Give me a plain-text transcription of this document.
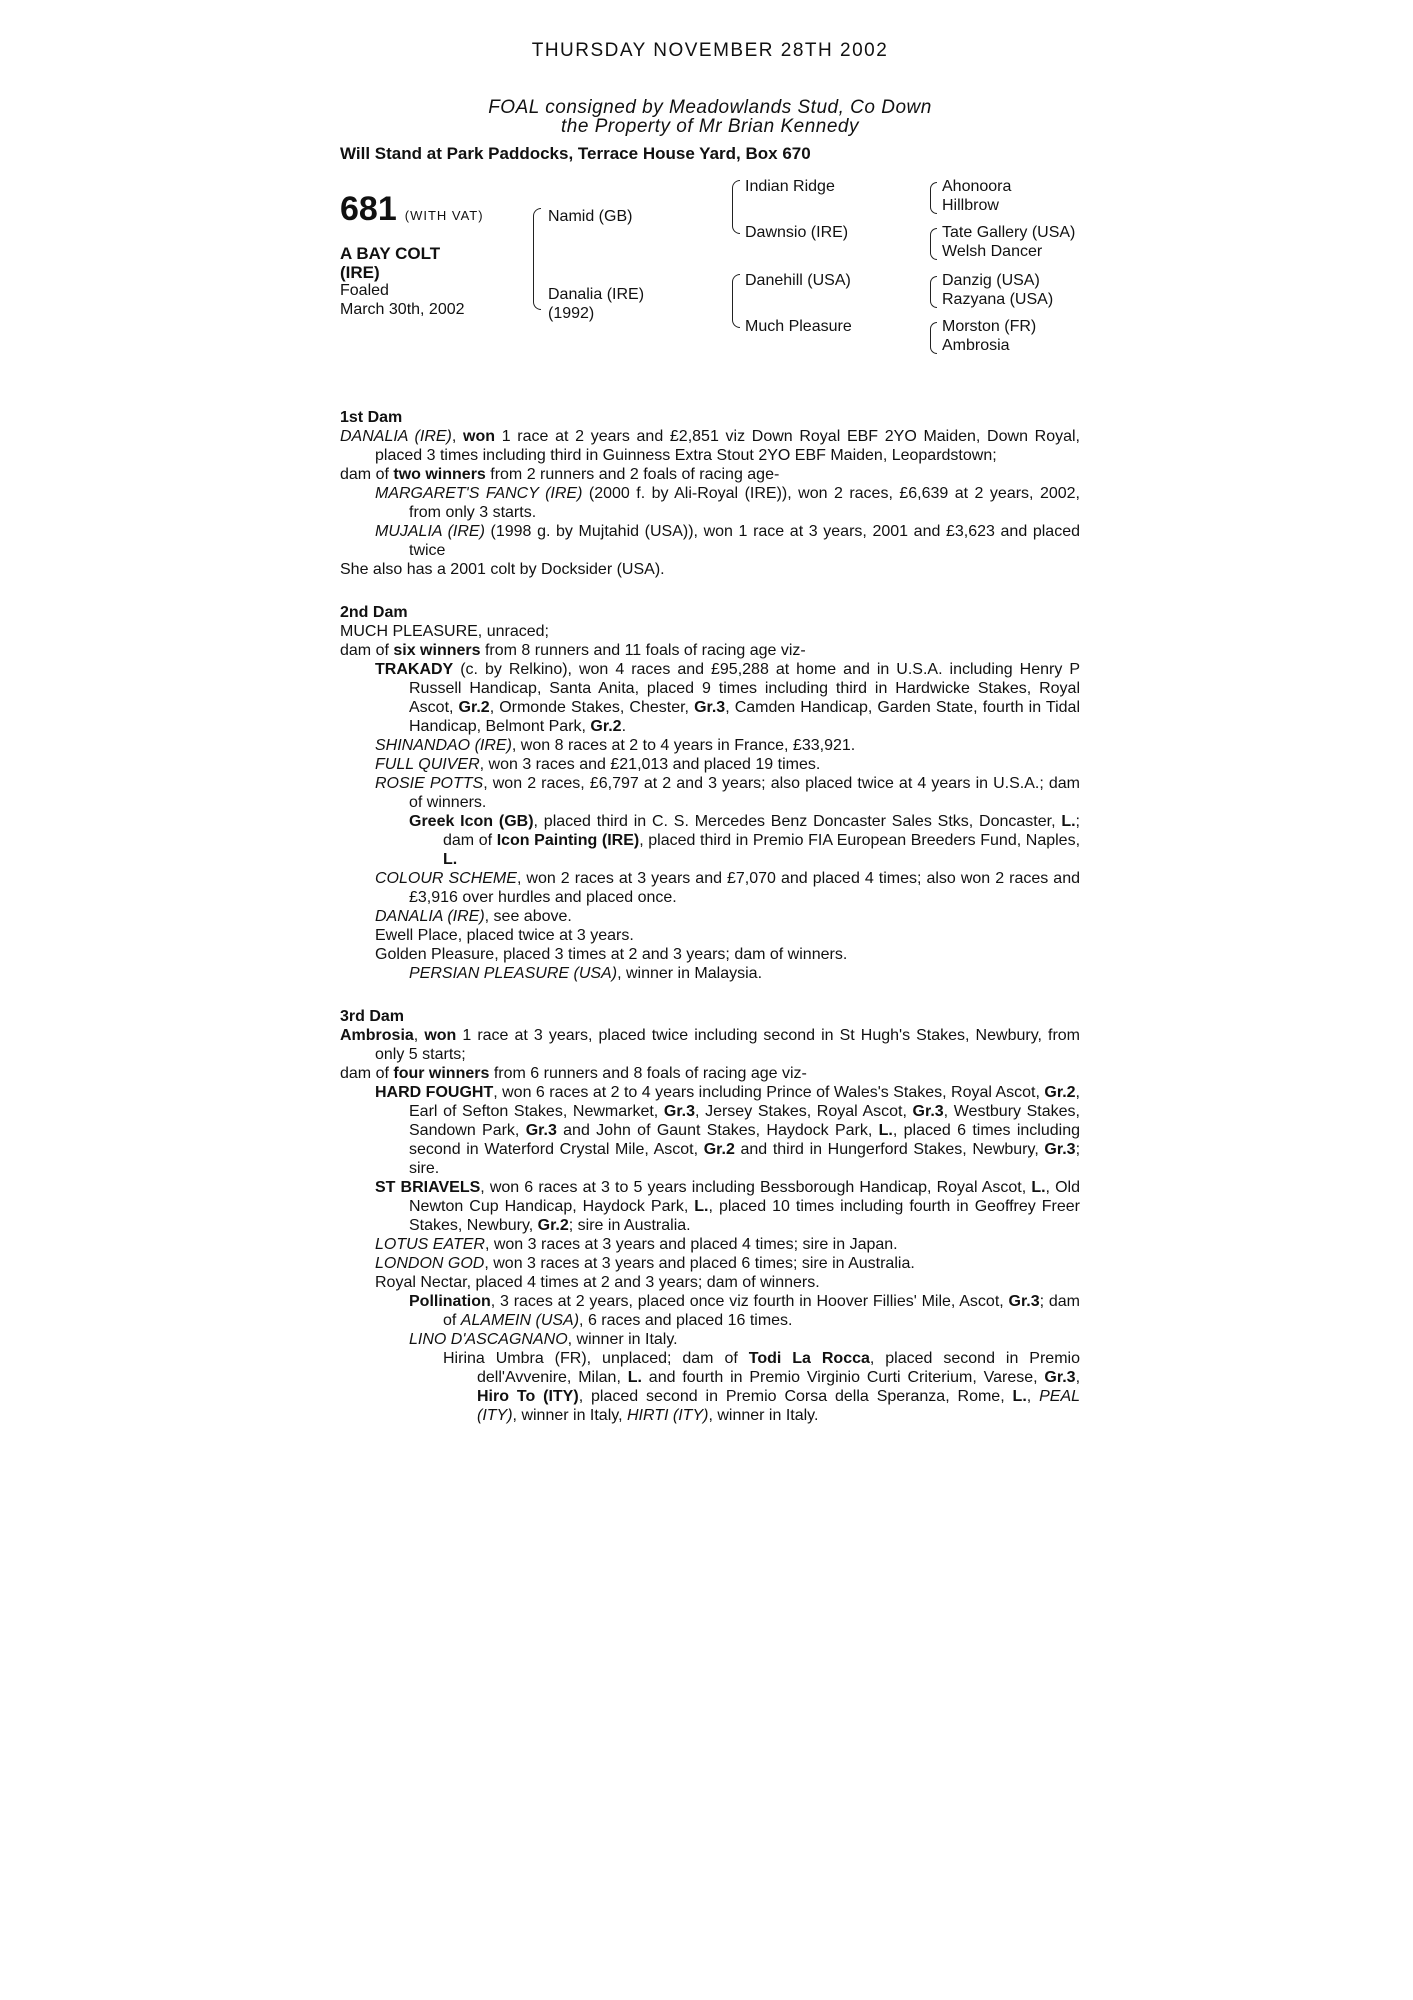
THURSDAY NOVEMBER 28TH 2002
FOAL consigned by Meadowlands Stud, Co Down
the Property of Mr Brian Kennedy
Will Stand at Park Paddocks, Terrace House Yard, Box 670
681 (WITH VAT)
A BAY COLT
(IRE)
Foaled
March 30th, 2002
Namid (GB)
Danalia (IRE)
(1992)
Indian Ridge
Dawnsio (IRE)
Danehill (USA)
Much Pleasure
Ahonoora
Hillbrow
Tate Gallery (USA)
Welsh Dancer
Danzig (USA)
Razyana (USA)
Morston (FR)
Ambrosia
1st Dam

DANALIA (IRE), won 1 race at 2 years and £2,851 viz Down Royal EBF 2YO Maiden, Down Royal, placed 3 times including third in Guinness Extra Stout 2YO EBF Maiden, Leopardstown;

dam of two winners from 2 runners and 2 foals of racing age-

MARGARET'S FANCY (IRE) (2000 f. by Ali-Royal (IRE)), won 2 races, £6,639 at 2 years, 2002, from only 3 starts.

MUJALIA (IRE) (1998 g. by Mujtahid (USA)), won 1 race at 3 years, 2001 and £3,623 and placed twice

She also has a 2001 colt by Docksider (USA).

2nd Dam

MUCH PLEASURE, unraced;

dam of six winners from 8 runners and 11 foals of racing age viz-

TRAKADY (c. by Relkino), won 4 races and £95,288 at home and in U.S.A. including Henry P Russell Handicap, Santa Anita, placed 9 times including third in Hardwicke Stakes, Royal Ascot, Gr.2, Ormonde Stakes, Chester, Gr.3, Camden Handicap, Garden State, fourth in Tidal Handicap, Belmont Park, Gr.2.

SHINANDAO (IRE), won 8 races at 2 to 4 years in France, £33,921.

FULL QUIVER, won 3 races and £21,013 and placed 19 times.

ROSIE POTTS, won 2 races, £6,797 at 2 and 3 years; also placed twice at 4 years in U.S.A.; dam of winners.

Greek Icon (GB), placed third in C. S. Mercedes Benz Doncaster Sales Stks, Doncaster, L.; dam of Icon Painting (IRE), placed third in Premio FIA European Breeders Fund, Naples, L.

COLOUR SCHEME, won 2 races at 3 years and £7,070 and placed 4 times; also won 2 races and £3,916 over hurdles and placed once.

DANALIA (IRE), see above.

Ewell Place, placed twice at 3 years.

Golden Pleasure, placed 3 times at 2 and 3 years; dam of winners.

PERSIAN PLEASURE (USA), winner in Malaysia.

3rd Dam

Ambrosia, won 1 race at 3 years, placed twice including second in St Hugh's Stakes, Newbury, from only 5 starts;

dam of four winners from 6 runners and 8 foals of racing age viz-

HARD FOUGHT, won 6 races at 2 to 4 years including Prince of Wales's Stakes, Royal Ascot, Gr.2, Earl of Sefton Stakes, Newmarket, Gr.3, Jersey Stakes, Royal Ascot, Gr.3, Westbury Stakes, Sandown Park, Gr.3 and John of Gaunt Stakes, Haydock Park, L., placed 6 times including second in Waterford Crystal Mile, Ascot, Gr.2 and third in Hungerford Stakes, Newbury, Gr.3; sire.

ST BRIAVELS, won 6 races at 3 to 5 years including Bessborough Handicap, Royal Ascot, L., Old Newton Cup Handicap, Haydock Park, L., placed 10 times including fourth in Geoffrey Freer Stakes, Newbury, Gr.2; sire in Australia.

LOTUS EATER, won 3 races at 3 years and placed 4 times; sire in Japan.

LONDON GOD, won 3 races at 3 years and placed 6 times; sire in Australia.

Royal Nectar, placed 4 times at 2 and 3 years; dam of winners.

Pollination, 3 races at 2 years, placed once viz fourth in Hoover Fillies' Mile, Ascot, Gr.3; dam of ALAMEIN (USA), 6 races and placed 16 times.

LINO D'ASCAGNANO, winner in Italy.

Hirina Umbra (FR), unplaced; dam of Todi La Rocca, placed second in Premio dell'Avvenire, Milan, L. and fourth in Premio Virginio Curti Criterium, Varese, Gr.3, Hiro To (ITY), placed second in Premio Corsa della Speranza, Rome, L., PEAL (ITY), winner in Italy, HIRTI (ITY), winner in Italy.
